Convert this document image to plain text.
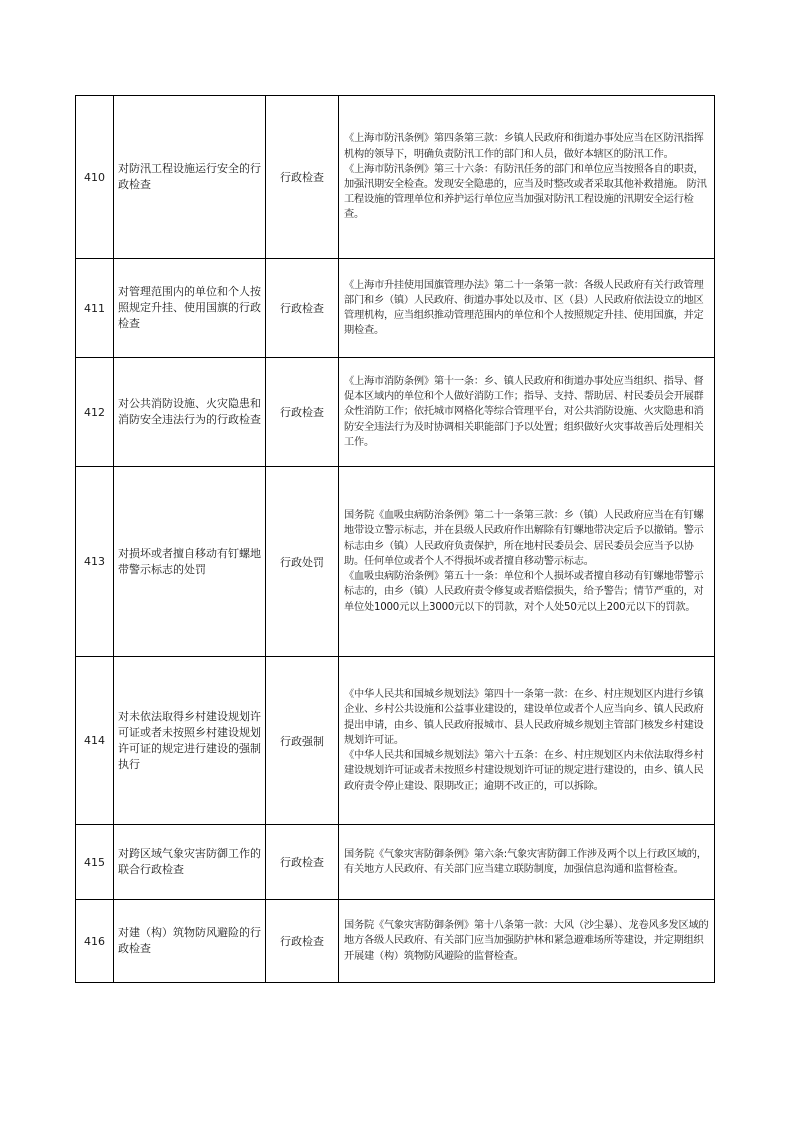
410	对防汛工程设施运行安全的行政检查	行政检查	《上海市防汛条例》第四条第三款：乡镇人民政府和街道办事处应当在区防汛指挥机构的领导下，明确负责防汛工作的部门和人员，做好本辖区的防汛工作。

《上海市防汛条例》第三十六条：有防汛任务的部门和单位应当按照各自的职责，加强汛期安全检查。发现安全隐患的，应当及时整改或者采取其他补救措施。 防汛工程设施的管理单位和养护运行单位应当加强对防汛工程设施的汛期安全运行检查。

411	对管理范围内的单位和个人按照规定升挂、使用国旗的行政检查	行政检查	《上海市升挂使用国旗管理办法》第二十一条第一款：各级人民政府有关行政管理部门和乡（镇）人民政府、街道办事处以及市、区（县）人民政府依法设立的地区管理机构，应当组织推动管理范围内的单位和个人按照规定升挂、使用国旗，并定期检查。

412	对公共消防设施、火灾隐患和消防安全违法行为的行政检查	行政检查	《上海市消防条例》第十一条：乡、镇人民政府和街道办事处应当组织、指导、督促本区域内的单位和个人做好消防工作；指导、支持、帮助居、村民委员会开展群众性消防工作；依托城市网格化等综合管理平台，对公共消防设施、火灾隐患和消防安全违法行为及时协调相关职能部门予以处置；组织做好火灾事故善后处理相关工作。

413	对损坏或者擅自移动有钉螺地带警示标志的处罚	行政处罚	国务院《血吸虫病防治条例》第二十一条第三款：乡（镇）人民政府应当在有钉螺地带设立警示标志，并在县级人民政府作出解除有钉螺地带决定后予以撤销。警示标志由乡（镇）人民政府负责保护，所在地村民委员会、居民委员会应当予以协助。任何单位或者个人不得损坏或者擅自移动警示标志。

《血吸虫病防治条例》第五十一条：单位和个人损坏或者擅自移动有钉螺地带警示标志的，由乡（镇）人民政府责令修复或者赔偿损失，给予警告；情节严重的，对单位处1000元以上3000元以下的罚款，对个人处50元以上200元以下的罚款。

414	对未依法取得乡村建设规划许可证或者未按照乡村建设规划许可证的规定进行建设的强制执行	行政强制	《中华人民共和国城乡规划法》第四十一条第一款：在乡、村庄规划区内进行乡镇企业、乡村公共设施和公益事业建设的，建设单位或者个人应当向乡、镇人民政府提出申请，由乡、镇人民政府报城市、县人民政府城乡规划主管部门核发乡村建设规划许可证。

《中华人民共和国城乡规划法》第六十五条：在乡、村庄规划区内未依法取得乡村建设规划许可证或者未按照乡村建设规划许可证的规定进行建设的，由乡、镇人民政府责令停止建设、限期改正；逾期不改正的，可以拆除。

415	对跨区域气象灾害防御工作的联合行政检查	行政检查	国务院《气象灾害防御条例》第六条:气象灾害防御工作涉及两个以上行政区域的，有关地方人民政府、有关部门应当建立联防制度，加强信息沟通和监督检查。

416	对建（构）筑物防风避险的行政检查	行政检查	国务院《气象灾害防御条例》第十八条第一款：大风（沙尘暴）、龙卷风多发区域的地方各级人民政府、有关部门应当加强防护林和紧急避难场所等建设，并定期组织开展建（构）筑物防风避险的监督检查。
